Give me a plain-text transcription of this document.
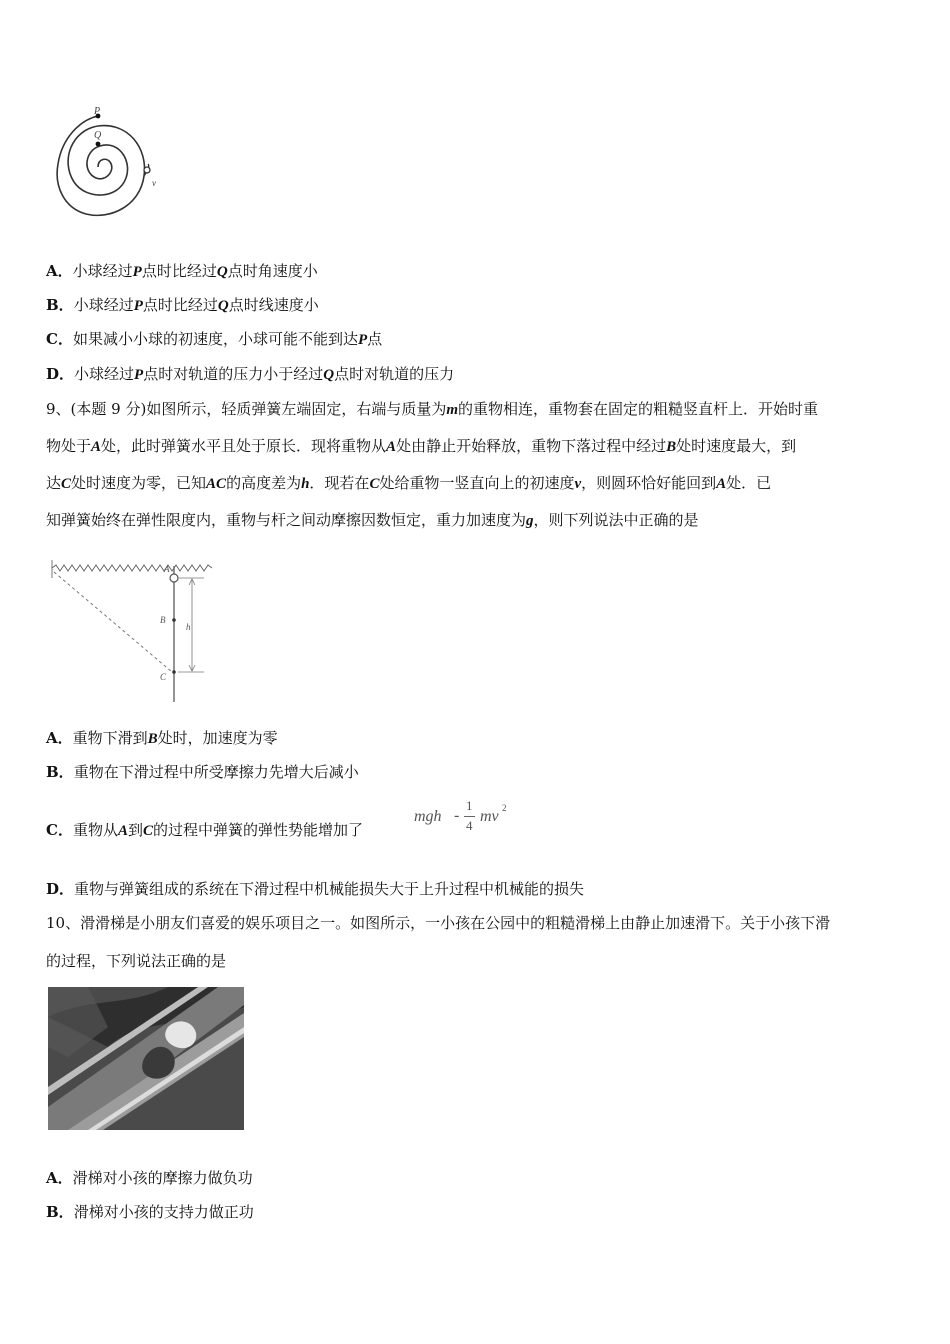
P
Q
v
A．小球经过P点时比经过Q点时角速度小
B．小球经过P点时比经过Q点时线速度小
C．如果减小小球的初速度，小球可能不能到达P点
D．小球经过P点时对轨道的压力小于经过Q点时对轨道的压力
9、(本题 9 分)如图所示，轻质弹簧左端固定，右端与质量为m的重物相连，重物套在固定的粗糙竖直杆上．开始时重
物处于A处，此时弹簧水平且处于原长．现将重物从A处由静止开始释放，重物下落过程中经过B处时速度最大，到
达C处时速度为零，已知AC的高度差为h．现若在C处给重物一竖直向上的初速度v，则圆环恰好能回到A处．已
知弹簧始终在弹性限度内，重物与杆之间动摩擦因数恒定，重力加速度为g，则下列说法中正确的是
A
B
C
h
A．重物下滑到B处时，加速度为零
B．重物在下滑过程中所受摩擦力先增大后减小
C．重物从A到C的过程中弹簧的弹性势能增加了
mgh -
1
4
mv 2
D．重物与弹簧组成的系统在下滑过程中机械能损失大于上升过程中机械能的损失
10、滑滑梯是小朋友们喜爱的娱乐项目之一。如图所示，一小孩在公园中的粗糙滑梯上由静止加速滑下。关于小孩下滑
的过程，下列说法正确的是
A．滑梯对小孩的摩擦力做负功
B．滑梯对小孩的支持力做正功
